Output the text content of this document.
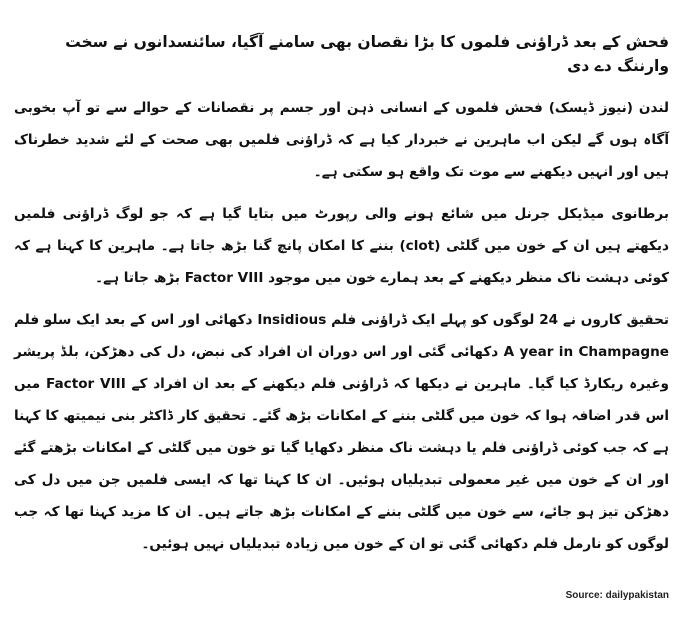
فحش کے بعد ڈراؤنی فلموں کا بڑا نقصان بھی سامنے آگیا، سائنسدانوں نے سخت وارننگ دے دی

لندن (نیوز ڈیسک) فحش فلموں کے انسانی ذہن اور جسم پر نقصانات کے حوالے سے تو آپ بخوبی آگاہ ہوں گے لیکن اب ماہرین نے خبردار کیا ہے کہ ڈراؤنی فلمیں بھی صحت کے لئے شدید خطرناک ہیں اور انہیں دیکھنے سے موت تک واقع ہو سکتی ہے۔

برطانوی میڈیکل جرنل میں شائع ہونے والی رپورٹ میں بتایا گیا ہے کہ جو لوگ ڈراؤنی فلمیں دیکھتے ہیں ان کے خون میں گلٹی (clot) بننے کا امکان پانچ گنا بڑھ جاتا ہے۔ ماہرین کا کہنا ہے کہ کوئی دہشت ناک منظر دیکھنے کے بعد ہمارے خون میں موجود Factor VIII بڑھ جاتا ہے۔

تحقیق کاروں نے 24 لوگوں کو پہلے ایک ڈراؤنی فلم Insidious دکھائی اور اس کے بعد ایک سلو فلم A year in Champagne دکھائی گئی اور اس دوران ان افراد کی نبض، دل کی دھڑکن، بلڈ پریشر وغیرہ ریکارڈ کیا گیا۔ ماہرین نے دیکھا کہ ڈراؤنی فلم دیکھنے کے بعد ان افراد کے Factor VIII میں اس قدر اضافہ ہوا کہ خون میں گلٹی بننے کے امکانات بڑھ گئے۔ تحقیق کار ڈاکٹر بنی نیمیتھ کا کہنا ہے کہ جب کوئی ڈراؤنی فلم یا دہشت ناک منظر دکھایا گیا تو خون میں گلٹی کے امکانات بڑھتے گئے اور ان کے خون میں غیر معمولی تبدیلیاں ہوئیں۔ ان کا کہنا تھا کہ ایسی فلمیں جن میں دل کی دھڑکن تیز ہو جائے، سے خون میں گلٹی بننے کے امکانات بڑھ جاتے ہیں۔ ان کا مزید کہنا تھا کہ جب لوگوں کو نارمل فلم دکھائی گئی تو ان کے خون میں زیادہ تبدیلیاں نہیں ہوئیں۔

Source: dailypakistan
